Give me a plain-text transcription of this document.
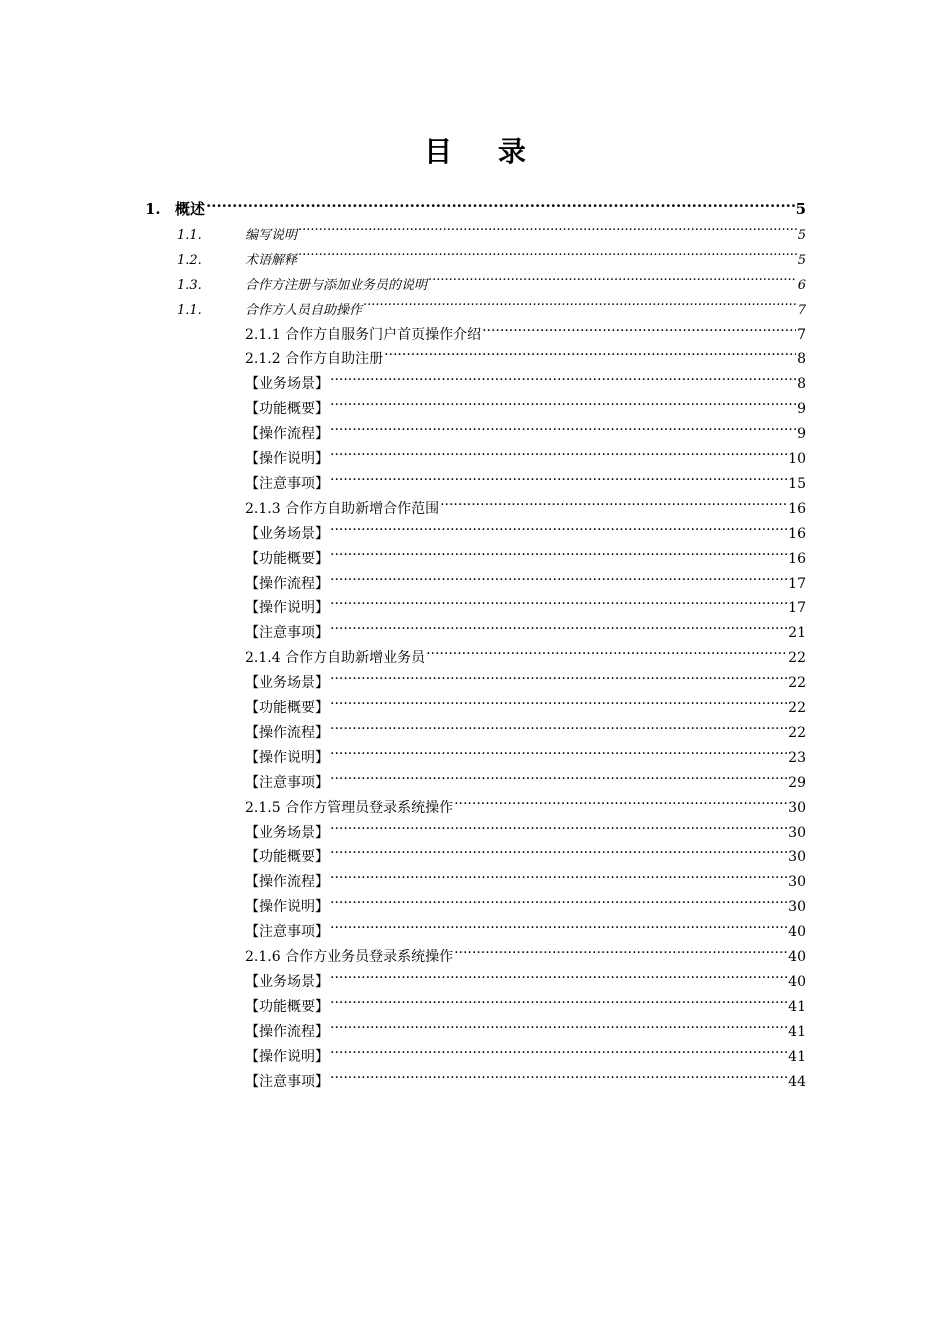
目 录
1. 概述 .....	5
1.1.	编写说明 .....	5
1.2.	术语解释 .....	5
1.3.	合作方注册与添加业务员的说明 .....	6
1.1.	合作方人员自助操作 .....	7
2.1.1 合作方自服务门户首页操作介绍 .....	7
2.1.2 合作方自助注册 .....	8
【业务场景】 .....	8
【功能概要】 .....	9
【操作流程】 .....	9
【操作说明】 .....	10
【注意事项】 .....	15
2.1.3 合作方自助新增合作范围 .....	16
【业务场景】 .....	16
【功能概要】 .....	16
【操作流程】 .....	17
【操作说明】 .....	17
【注意事项】 .....	21
2.1.4 合作方自助新增业务员 .....	22
【业务场景】 .....	22
【功能概要】 .....	22
【操作流程】 .....	22
【操作说明】 .....	23
【注意事项】 .....	29
2.1.5 合作方管理员登录系统操作 .....	30
【业务场景】 .....	30
【功能概要】 .....	30
【操作流程】 .....	30
【操作说明】 .....	30
【注意事项】 .....	40
2.1.6 合作方业务员登录系统操作 .....	40
【业务场景】 .....	40
【功能概要】 .....	41
【操作流程】 .....	41
【操作说明】 .....	41
【注意事项】 .....	44
